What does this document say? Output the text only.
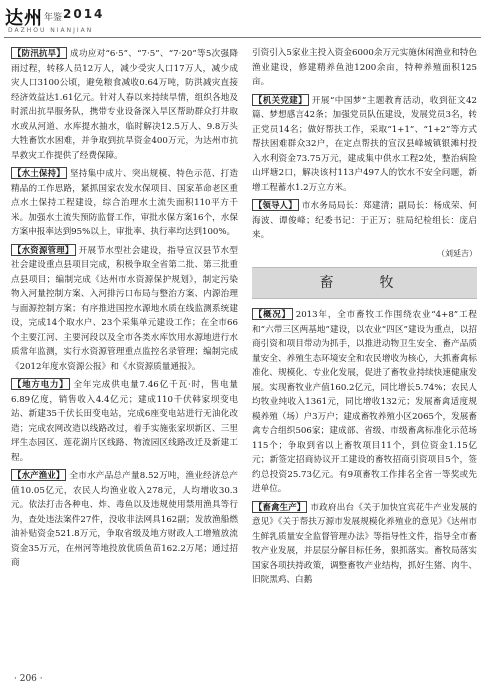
达州 年鉴 2014
DAZHOU NIANJIAN

【防汛抗旱】 成功应对“6·5”、“7·5”、“7·20”等5次强降雨过程，转移人员12万人，减少受灾人口17万人，减少成灾人口3100公顷，避免粮食减收0.64万吨，防洪减灾直接经济效益达1.61亿元。针对人春以来持续旱情，组织各地及时派出抗旱服务队，携带专业设备深入旱区帮助群众打井取水或从河道、水库提水抽水，临时解决12.5万人、9.8万头大牲畜饮水困难，并争取到抗旱资金400万元，为达州市抗旱救灾工作提供了经费保障。

【水土保持】 坚持集中成片、突出规模、特色示范、打造精品的工作思路，紧抓国家农发水保项目、国家革命老区重点水土保持工程建设，综合治理水土流失面积110平方千米。加强水土流失预防监督工作，审批水保方案16个，水保方案申报率达到95%以上，审批率、执行率均达到100%。

【水资源管理】 开展节水型社会建设，指导宣汉县节水型社会建设重点县项目完成，积极争取全省第二批、第三批重点县项目；编制完成《达州市水资源保护规划》，制定污染物入河量控制方案、入河排污口布局与整治方案、内源治理与面源控制方案；有序推进国控水源地水质在线监测系统建设，完成14个取水户、23个采集单元建设工作；在全市66个主要江河、主要河段以及全市各类水库饮用水源地进行水质常年监测，实行水资源管理重点监控名录管理；编制完成《2012年度水资源公报》和《水资源质量通报》。

【地方电力】 全年完成供电量7.46亿千瓦·时，售电量6.89亿度，销售收入4.4亿元；建成110千伏韩家坝变电站、新建35千伏长田变电站，完成6座变电站进行无油化改造；完成农网改造以线路改过，着手实施张家坝新区、三里坪生态园区、莲花湖片区线路、物流园区线路改迁及新建工程。

【水产渔业】 全市水产品总产量8.52万吨，渔业经济总产值10.05亿元，农民人均渔业收入278元，人均增收30.3元。依法打击各种电、炸、毒鱼以及违规使用禁用渔具等行为，查处违法案件27件，没收非法网具162副；发放渔船燃油补贴资金521.8万元，争取省级及地方财政人工增殖放流资金35万元，在州河等地投放优质鱼苗162.2万尾；通过招商

引资引入5家业主投入资金6000余万元实施休闲渔业和特色渔业建设，修建精养鱼池1200余亩，特种养殖面积125亩。

【机关党建】 开展“中国梦”主题教育活动，收到征文42篇、梦想感言42条；加强党员队伍建设，发展党员3名，转正党员14名；做好帮扶工作，采取“1+1”、“1+2”等方式帮扶困难群众32户，在定点帮扶的宣汉县峰城镇银滩村投入水利资金73.75万元，建成集中供水工程2处，整治病险山坪塘2口，解决该村113户497人的饮水不安全问题，新增工程蓄水1.2万立方米。

【领导人】 市水务局局长：郑建清；副局长：杨成荣、何海波、谭俊峰；纪委书记：于正万；驻局纪检组长：庞启来。

（刘延吉）
畜　牧

【概况】 2013年，全市畜牧工作围绕农业“4+8”工程和“六带三区两基地”建设，以农业“四区”建设为重点，以招商引资和项目带动为抓手，以推进动物卫生安全、畜产品质量安全、养殖生态环境安全和农民增收为核心，大抓畜禽标准化、规模化、专业化发展，促进了畜牧业持续快速健康发展。实现畜牧业产值160.2亿元，同比增长5.74%；农民人均牧业纯收入1361元，同比增收132元；发展畜禽适度规模养殖（场）户3万户；建成畜牧养殖小区2065个，发展畜禽专合组织506家；建成部、省级、市级畜禽标准化示范场115个；争取到省以上畜牧项目11个，到位资金1.15亿元；新签定招商协议开工建设的畜牧招商引资项目5个，签约总投资25.73亿元。有9项畜牧工作排名全省一等奖或先进单位。

【畜禽生产】 市政府出台《关于加快宜宾花牛产业发展的意见》《关于帮扶万源市发展规模化养殖业的意见》《达州市生鲜乳质量安全监督管理办法》等指导性文件，指导全市畜牧产业发展，并层层分解目标任务，狠抓落实。畜牧局落实国家各项扶持政策，调整畜牧产业结构，抓好生猪、肉牛、旧院黑鸡、白鹅

· 206 ·
